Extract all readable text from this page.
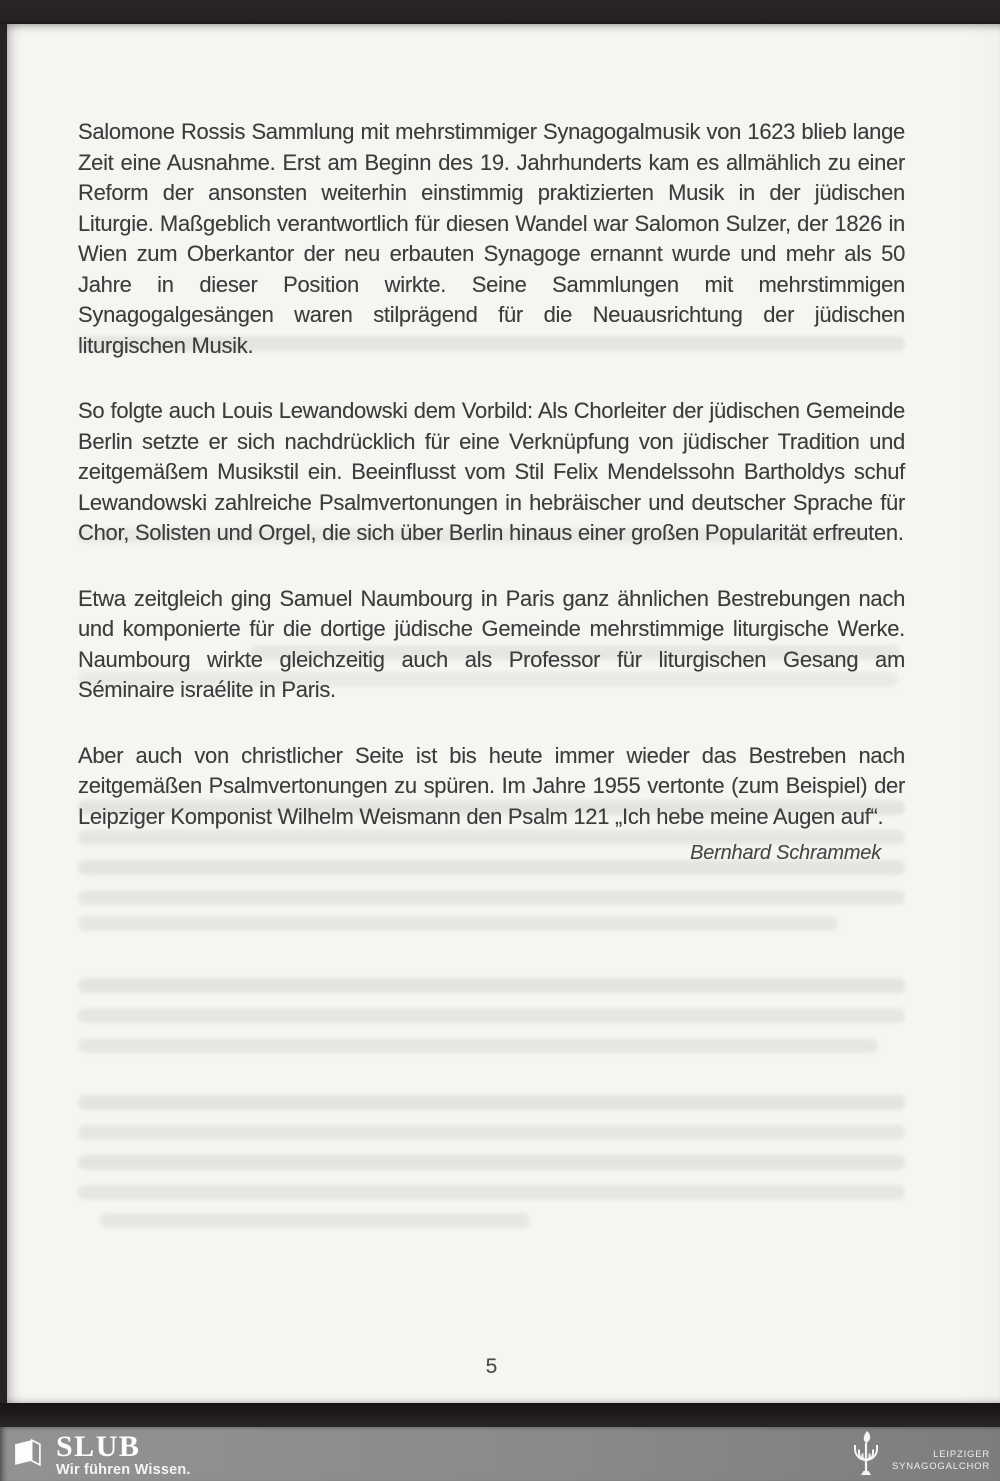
Salomone Rossis Sammlung mit mehrstimmiger Synagogalmusik von 1623 blieb lange Zeit eine Ausnahme. Erst am Beginn des 19. Jahrhunderts kam es allmählich zu einer Reform der ansonsten weiterhin einstimmig praktizierten Musik in der jüdischen Liturgie. Maßgeblich verantwortlich für diesen Wandel war Salomon Sulzer, der 1826 in Wien zum Oberkantor der neu erbauten Synagoge ernannt wurde und mehr als 50 Jahre in dieser Position wirkte. Seine Sammlungen mit mehrstimmigen Synagogalgesängen waren stilprägend für die Neuausrichtung der jüdischen liturgischen Musik.

So folgte auch Louis Lewandowski dem Vorbild: Als Chorleiter der jüdischen Gemeinde Berlin setzte er sich nachdrücklich für eine Verknüpfung von jüdischer Tradition und zeitgemäßem Musikstil ein. Beeinflusst vom Stil Felix Mendelssohn Bartholdys schuf Lewandowski zahlreiche Psalmvertonungen in hebräischer und deutscher Sprache für Chor, Solisten und Orgel, die sich über Berlin hinaus einer großen Popularität erfreuten.

Etwa zeitgleich ging Samuel Naumbourg in Paris ganz ähnlichen Bestrebungen nach und komponierte für die dortige jüdische Gemeinde mehrstimmige liturgische Werke. Naumbourg wirkte gleichzeitig auch als Professor für liturgischen Gesang am Séminaire israélite in Paris.

Aber auch von christlicher Seite ist bis heute immer wieder das Bestreben nach zeitgemäßen Psalmvertonungen zu spüren. Im Jahre 1955 vertonte (zum Beispiel) der Leipziger Komponist Wilhelm Weismann den Psalm 121 „Ich hebe meine Augen auf“.

Bernhard Schrammek

5
SLUB
Wir führen Wissen.
LEIPZIGER
SYNAGOGALCHOR
